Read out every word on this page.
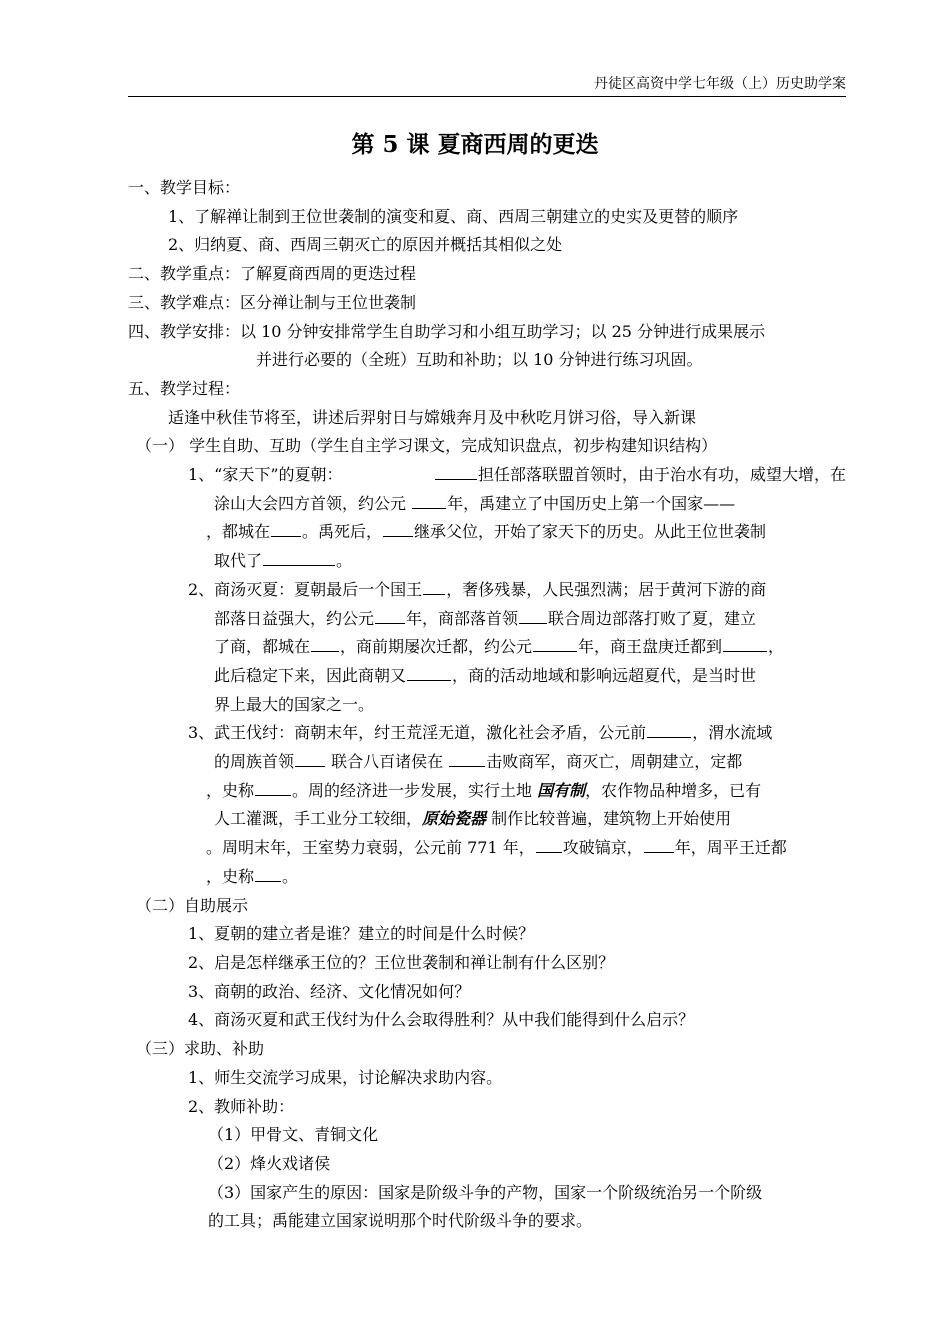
丹徒区高资中学七年级（上）历史助学案
第 5 课 夏商西周的更迭
一、教学目标：
1、了解禅让制到王位世袭制的演变和夏、商、西周三朝建立的史实及更替的顺序
2、归纳夏、商、西周三朝灭亡的原因并概括其相似之处
二、教学重点：了解夏商西周的更迭过程
三、教学难点：区分禅让制与王位世袭制
四、教学安排：以 10 分钟安排常学生自助学习和小组互助学习；以 25 分钟进行成果展示
并进行必要的（全班）互助和补助；以 10 分钟进行练习巩固。
五、教学过程：
适逢中秋佳节将至，讲述后羿射日与嫦娥奔月及中秋吃月饼习俗，导入新课
（一） 学生自助、互助（学生自主学习课文，完成知识盘点，初步构建知识结构）
1、“家天下”的夏朝：	担任部落联盟首领时，由于治水有功，威望大增，在
涂山大会四方首领，约公元 年，禹建立了中国历史上第一个国家——
，都城在 。禹死后， 继承父位，开始了家天下的历史。从此王位世袭制
取代了	。
2、商汤灭夏：夏朝最后一个国王 ，奢侈残暴，人民强烈满；居于黄河下游的商
部落日益强大，约公元 年，商部落首领 联合周边部落打败了夏，建立
了商，都城在 ，商前期屡次迁都，约公元	年，商王盘庚迁都到	，
此后稳定下来，因此商朝又	，商的活动地域和影响远超夏代，是当时世
界上最大的国家之一。
3、武王伐纣：商朝末年，纣王荒淫无道，激化社会矛盾，公元前	，渭水流域
的周族首领 联合八百诸侯在 击败商军，商灭亡，周朝建立，定都
，史称 。周的经济进一步发展，实行土地 国有制，农作物品种增多，已有
人工灌溉，手工业分工较细，原始瓷器 制作比较普遍，建筑物上开始使用
。周明末年，王室势力衰弱，公元前 771 年， 攻破镐京， 年，周平王迁都
，史称 。
（二）自助展示
1、夏朝的建立者是谁？建立的时间是什么时候？
2、启是怎样继承王位的？王位世袭制和禅让制有什么区别？
3、商朝的政治、经济、文化情况如何？
4、商汤灭夏和武王伐纣为什么会取得胜利？从中我们能得到什么启示？
（三）求助、补助
1、师生交流学习成果，讨论解决求助内容。
2、教师补助：
（1）甲骨文、青铜文化
（2）烽火戏诸侯
（3）国家产生的原因：国家是阶级斗争的产物，国家一个阶级统治另一个阶级
的工具；禹能建立国家说明那个时代阶级斗争的要求。
